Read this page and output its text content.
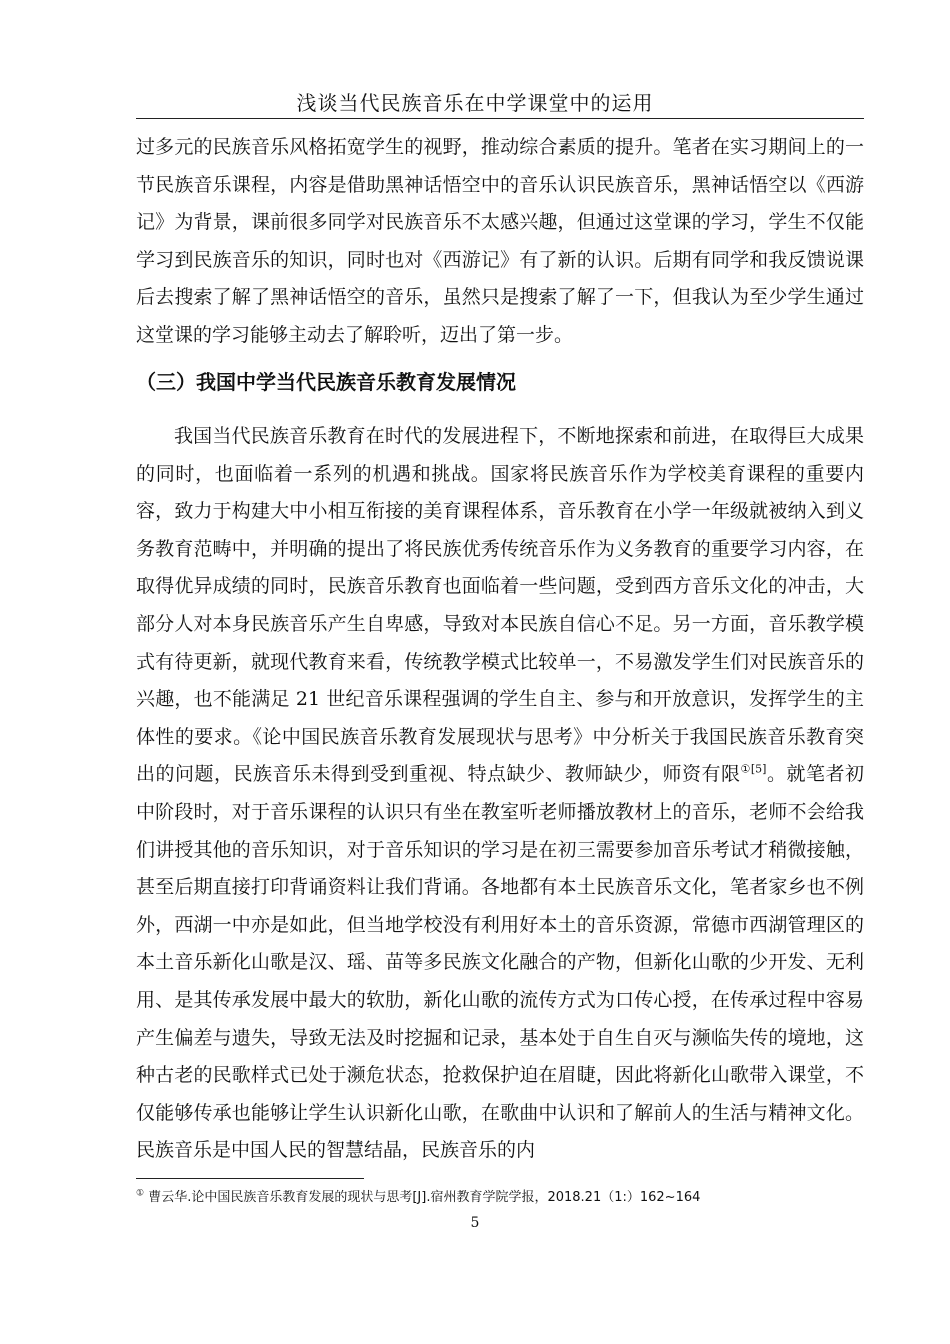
浅谈当代民族音乐在中学课堂中的运用
过多元的民族音乐风格拓宽学生的视野，推动综合素质的提升。笔者在实习期间上的一节民族音乐课程，内容是借助黑神话悟空中的音乐认识民族音乐，黑神话悟空以《西游记》为背景，课前很多同学对民族音乐不太感兴趣，但通过这堂课的学习，学生不仅能学习到民族音乐的知识，同时也对《西游记》有了新的认识。后期有同学和我反馈说课后去搜索了解了黑神话悟空的音乐，虽然只是搜索了解了一下，但我认为至少学生通过这堂课的学习能够主动去了解聆听，迈出了第一步。
（三）我国中学当代民族音乐教育发展情况
我国当代民族音乐教育在时代的发展进程下，不断地探索和前进，在取得巨大成果的同时，也面临着一系列的机遇和挑战。国家将民族音乐作为学校美育课程的重要内容，致力于构建大中小相互衔接的美育课程体系，音乐教育在小学一年级就被纳入到义务教育范畴中，并明确的提出了将民族优秀传统音乐作为义务教育的重要学习内容，在取得优异成绩的同时，民族音乐教育也面临着一些问题，受到西方音乐文化的冲击，大部分人对本身民族音乐产生自卑感，导致对本民族自信心不足。另一方面，音乐教学模式有待更新，就现代教育来看，传统教学模式比较单一，不易激发学生们对民族音乐的兴趣，也不能满足 21 世纪音乐课程强调的学生自主、参与和开放意识，发挥学生的主体性的要求。《论中国民族音乐教育发展现状与思考》中分析关于我国民族音乐教育突出的问题，民族音乐未得到受到重视、特点缺少、教师缺少，师资有限$^{①[5]}$。就笔者初中阶段时，对于音乐课程的认识只有坐在教室听老师播放教材上的音乐，老师不会给我们讲授其他的音乐知识，对于音乐知识的学习是在初三需要参加音乐考试才稍微接触，甚至后期直接打印背诵资料让我们背诵。各地都有本土民族音乐文化，笔者家乡也不例外，西湖一中亦是如此，但当地学校没有利用好本土的音乐资源，常德市西湖管理区的本土音乐新化山歌是汉、瑶、苗等多民族文化融合的产物，但新化山歌的少开发、无利用、是其传承发展中最大的软肋，新化山歌的流传方式为口传心授，在传承过程中容易产生偏差与遗失，导致无法及时挖掘和记录，基本处于自生自灭与濒临失传的境地，这种古老的民歌样式已处于濒危状态，抢救保护迫在眉睫，因此将新化山歌带入课堂，不仅能够传承也能够让学生认识新化山歌，在歌曲中认识和了解前人的生活与精神文化。民族音乐是中国人民的智慧结晶，民族音乐的内
① 曹云华.论中国民族音乐教育发展的现状与思考[J].宿州教育学院学报，2018.21（1:）162~164
5
